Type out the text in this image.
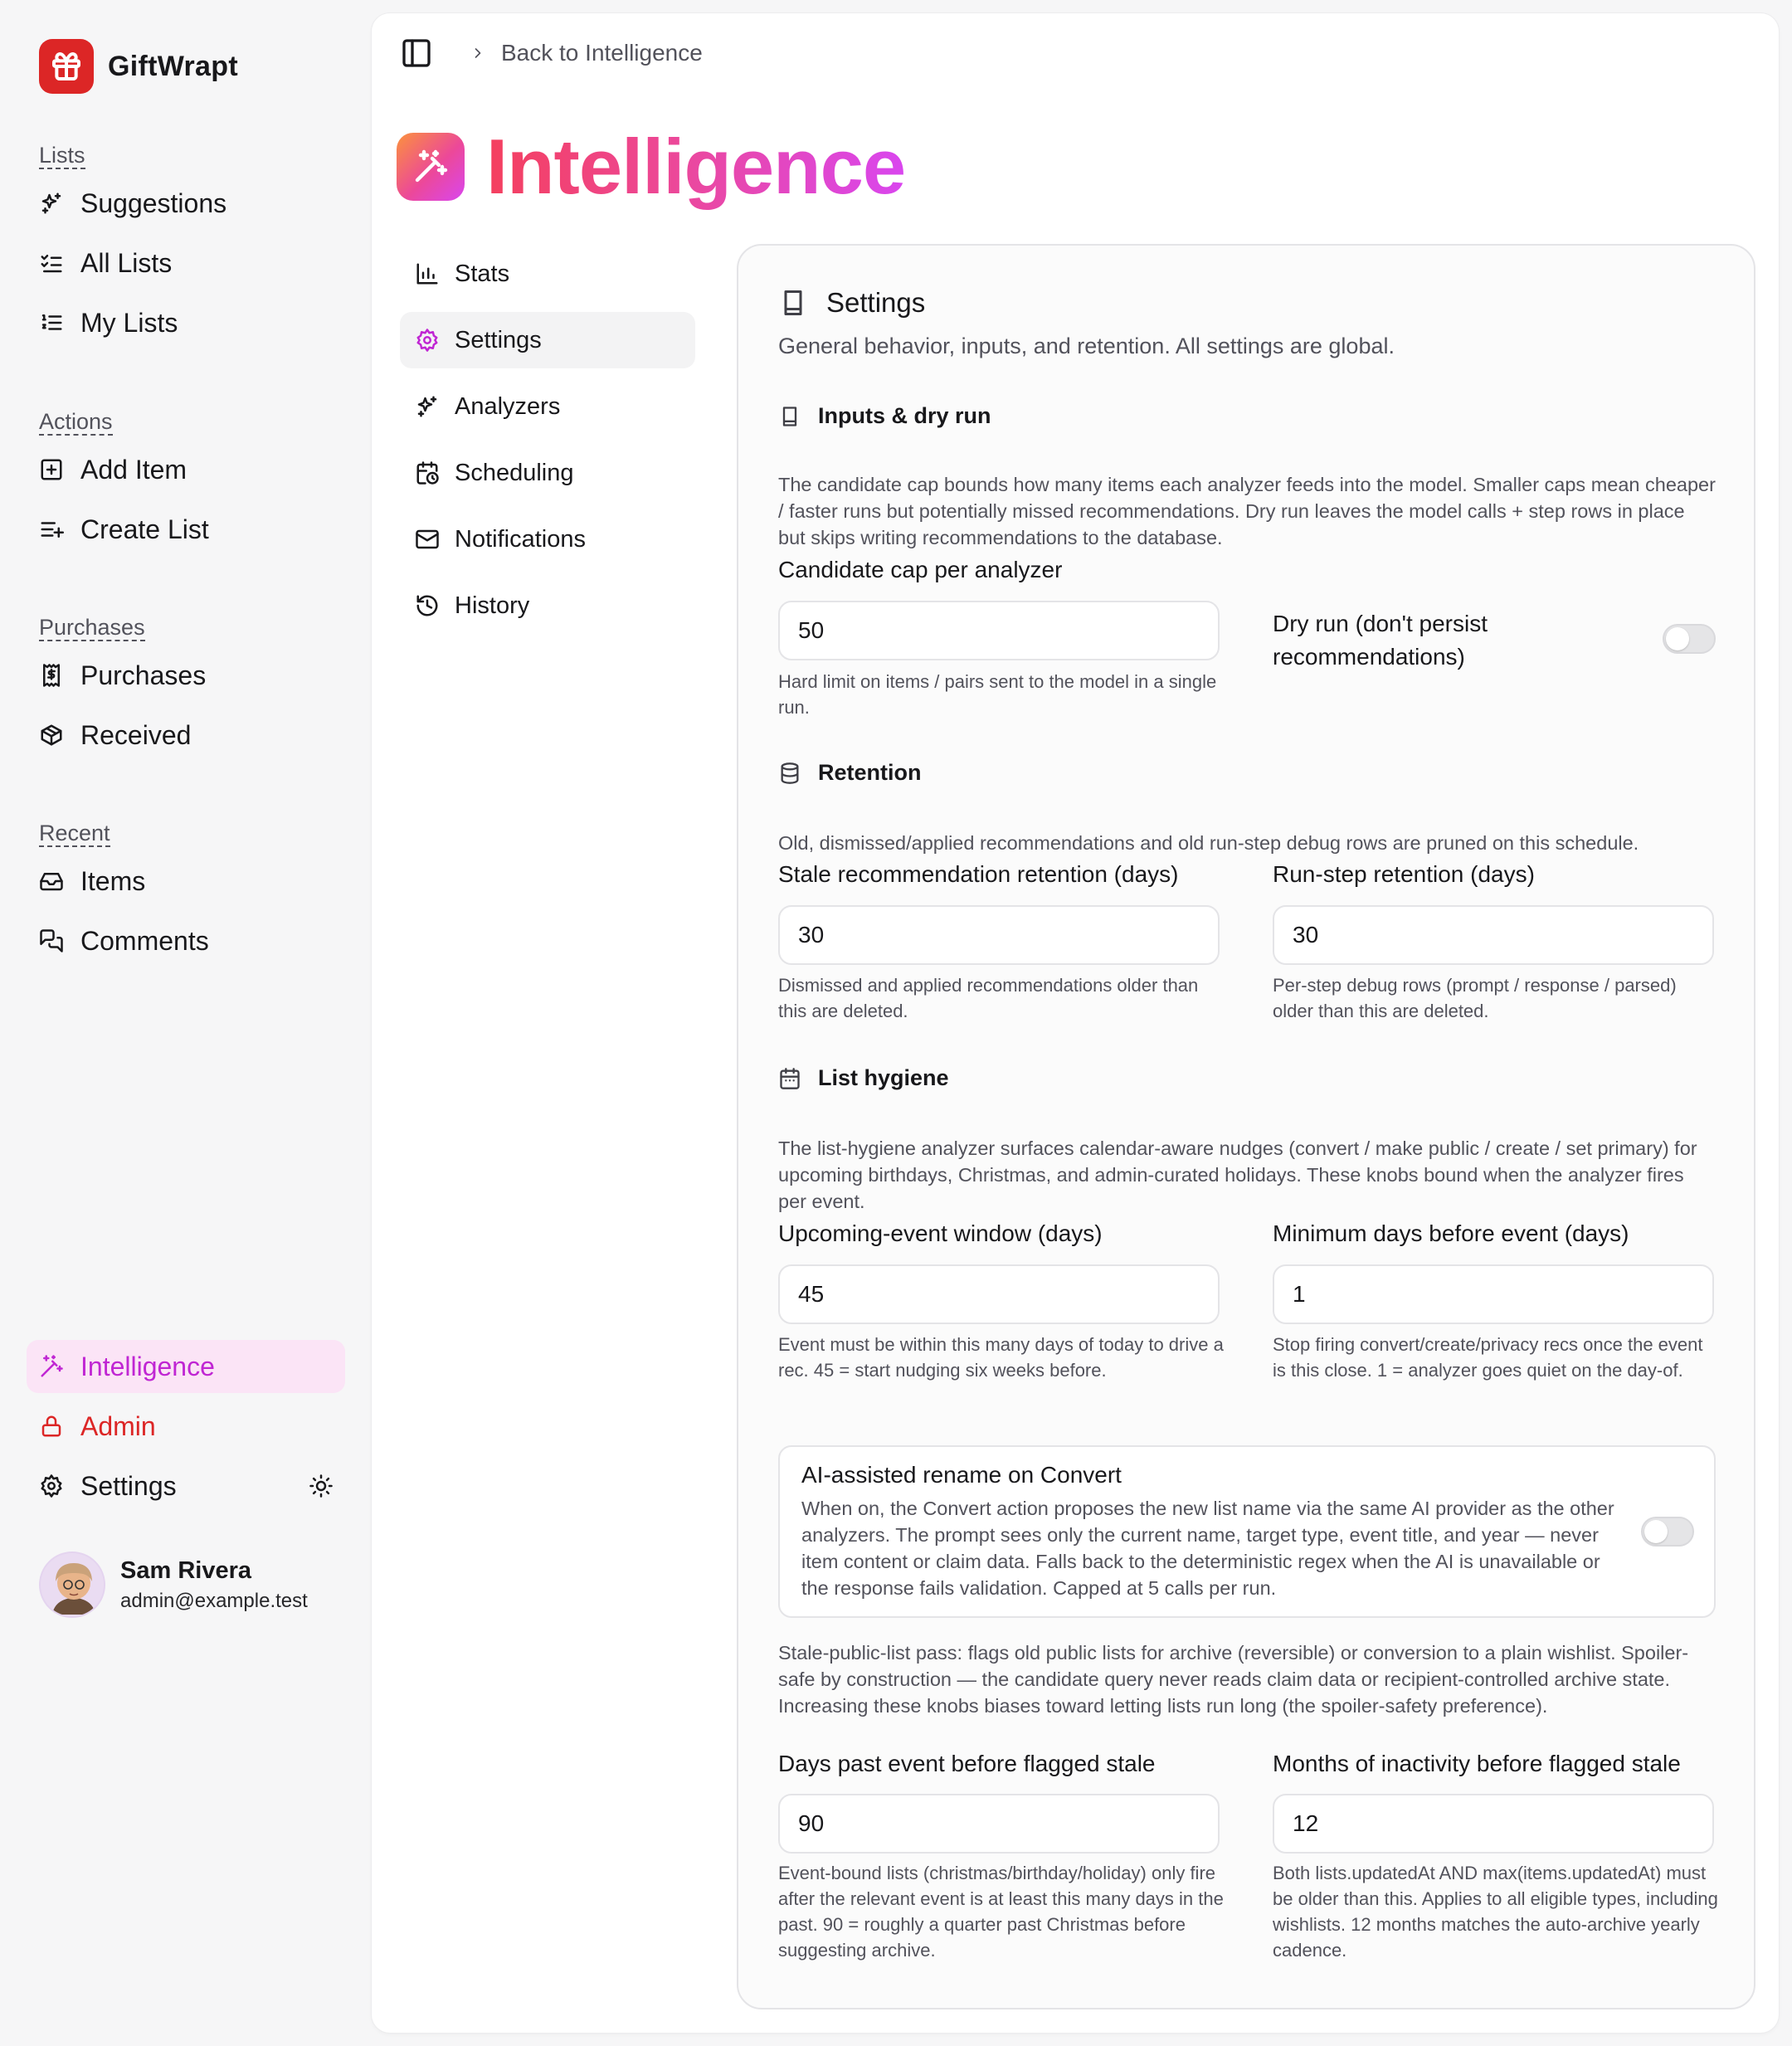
GiftWrapt
Lists
Suggestions
All Lists
My Lists
Actions
Add Item
Create List
Purchases
Purchases
Received
Recent
Items
Comments
Intelligence
Admin
Settings
Sam Rivera
admin@example.test
Back to Intelligence
Intelligence
Stats
Settings
Analyzers
Scheduling
Notifications
History
Settings
General behavior, inputs, and retention. All settings are global.
Inputs & dry run
The candidate cap bounds how many items each analyzer feeds into the model. Smaller caps mean cheaper / faster runs but potentially missed recommendations. Dry run leaves the model calls + step rows in place but skips writing recommendations to the database.
Candidate cap per analyzer
50
Hard limit on items / pairs sent to the model in a single run.
Dry run (don't persist recommendations)
Retention
Old, dismissed/applied recommendations and old run-step debug rows are pruned on this schedule.
Stale recommendation retention (days)
30
Dismissed and applied recommendations older than this are deleted.
Run-step retention (days)
30
Per-step debug rows (prompt / response / parsed) older than this are deleted.
List hygiene
The list-hygiene analyzer surfaces calendar-aware nudges (convert / make public / create / set primary) for upcoming birthdays, Christmas, and admin-curated holidays. These knobs bound when the analyzer fires per event.
Upcoming-event window (days)
45
Event must be within this many days of today to drive a rec. 45 = start nudging six weeks before.
Minimum days before event (days)
1
Stop firing convert/create/privacy recs once the event is this close. 1 = analyzer goes quiet on the day-of.
AI-assisted rename on Convert
When on, the Convert action proposes the new list name via the same AI provider as the other analyzers. The prompt sees only the current name, target type, event title, and year — never item content or claim data. Falls back to the deterministic regex when the AI is unavailable or the response fails validation. Capped at 5 calls per run.
Stale-public-list pass: flags old public lists for archive (reversible) or conversion to a plain wishlist. Spoiler-safe by construction — the candidate query never reads claim data or recipient-controlled archive state. Increasing these knobs biases toward letting lists run long (the spoiler-safety preference).
Days past event before flagged stale
90
Event-bound lists (christmas/birthday/holiday) only fire after the relevant event is at least this many days in the past. 90 = roughly a quarter past Christmas before suggesting archive.
Months of inactivity before flagged stale
12
Both lists.updatedAt AND max(items.updatedAt) must be older than this. Applies to all eligible types, including wishlists. 12 months matches the auto-archive yearly cadence.
